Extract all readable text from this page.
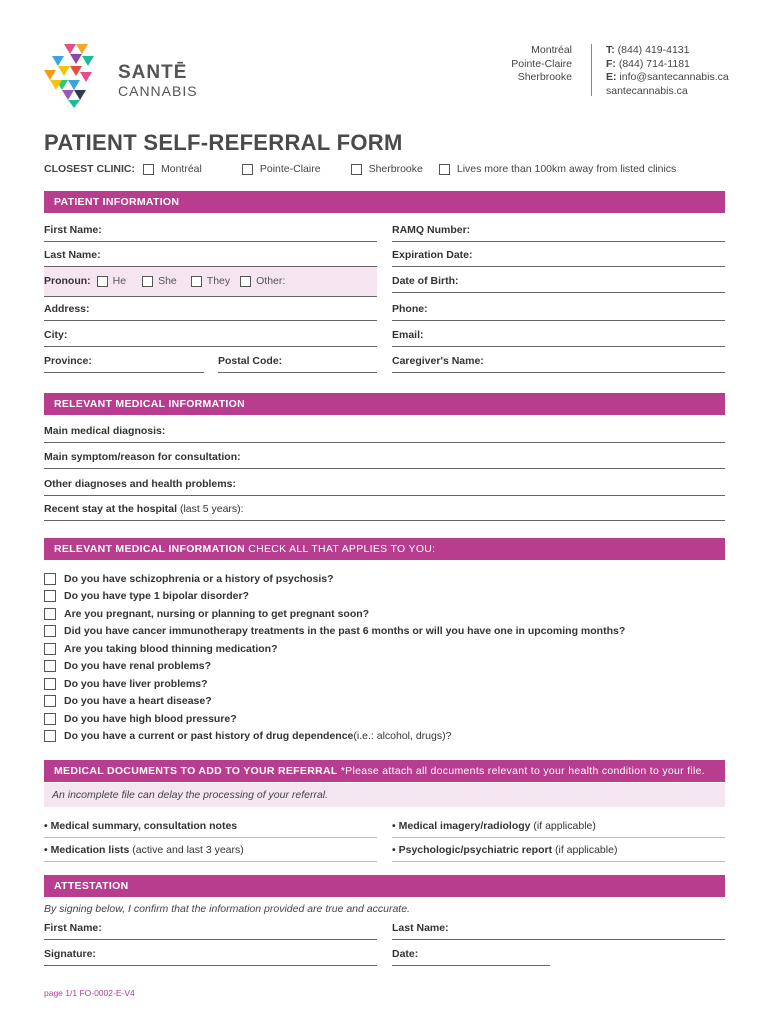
SANTĒ
CANNABIS
Montréal
Pointe-Claire
Sherbrooke
T: (844) 419-4131
F: (844) 714-1181
E: info@santecannabis.ca
santecannabis.ca
PATIENT SELF-REFERRAL FORM
CLOSEST CLINIC: Montréal	Pointe-Claire	Sherbrooke	Lives more than 100km away from listed clinics
PATIENT INFORMATION
First Name:	RAMQ Number:
Last Name:	Expiration Date:
Pronoun: He	She	They Other:	Date of Birth:
Address:	Phone:
City:	Email:
Province:	Postal Code:	Caregiver's Name:
RELEVANT MEDICAL INFORMATION
Main medical diagnosis:
Main symptom/reason for consultation:
Other diagnoses and health problems:
Recent stay at the hospital (last 5 years):
RELEVANT MEDICAL INFORMATION CHECK ALL THAT APPLIES TO YOU:
Do you have schizophrenia or a history of psychosis?
Do you have type 1 bipolar disorder?
Are you pregnant, nursing or planning to get pregnant soon?
Did you have cancer immunotherapy treatments in the past 6 months or will you have one in upcoming months?
Are you taking blood thinning medication?
Do you have renal problems?
Do you have liver problems?
Do you have a heart disease?
Do you have high blood pressure?
Do you have a current or past history of drug dependence (i.e.: alcohol, drugs)?
MEDICAL DOCUMENTS TO ADD TO YOUR REFERRAL *Please attach all documents relevant to your health condition to your file.
An incomplete file can delay the processing of your referral.
• Medical summary, consultation notes	• Medical imagery/radiology (if applicable)
• Medication lists (active and last 3 years)	• Psychologic/psychiatric report (if applicable)
ATTESTATION
By signing below, I confirm that the information provided are true and accurate.
First Name:	Last Name:
Signature:	Date:
page 1/1 FO-0002-E-V4
